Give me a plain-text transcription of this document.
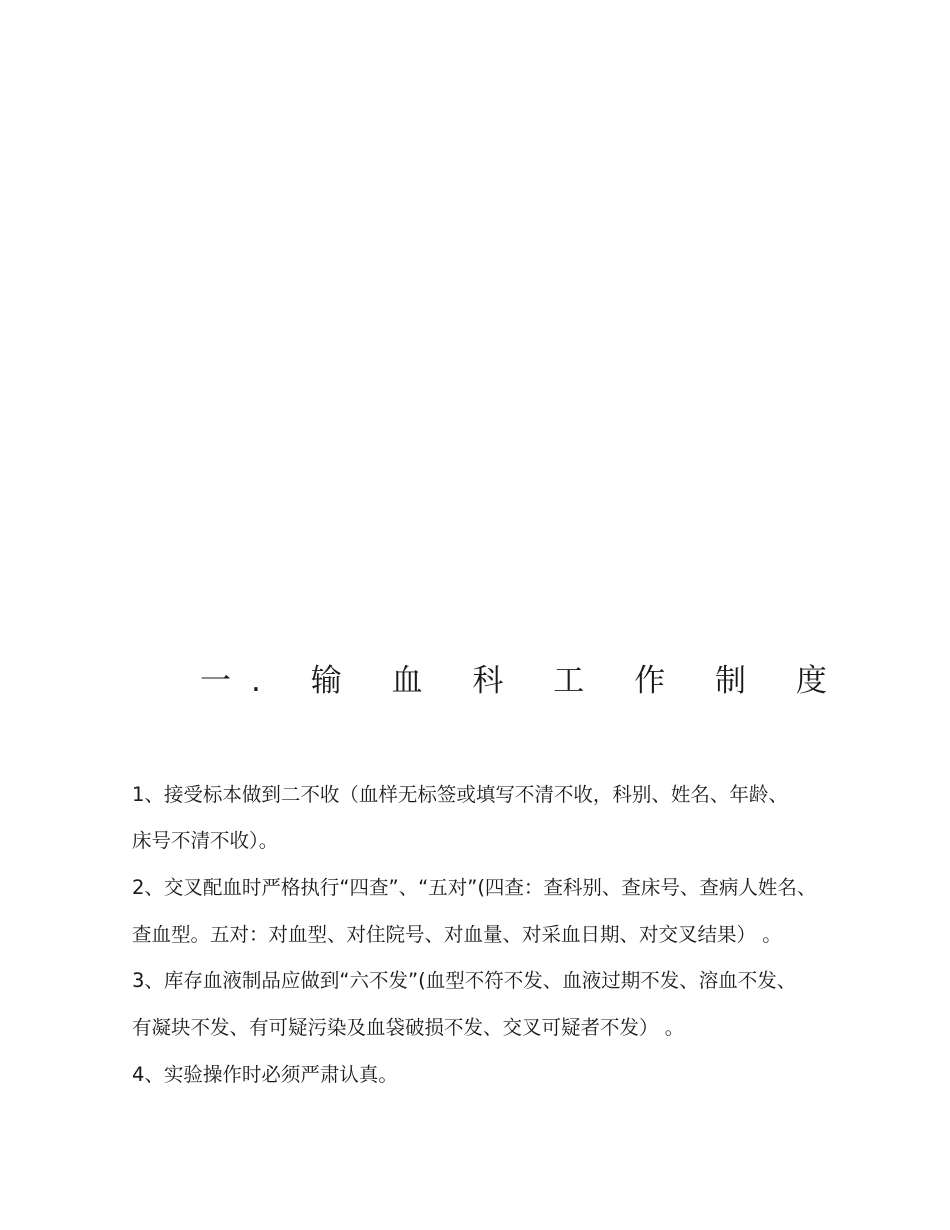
一. 输 血 科 工 作 制 度

1、接受标本做到二不收（血样无标签或填写不清不收，科别、姓名、年龄、

床号不清不收）。

2、交叉配血时严格执行“四查”、“五对”(四查：查科别、查床号、查病人姓名、

查血型。五对：对血型、对住院号、对血量、对采血日期、对交叉结果） 。

3、库存血液制品应做到“六不发”(血型不符不发、血液过期不发、溶血不发、

有凝块不发、有可疑污染及血袋破损不发、交叉可疑者不发） 。

4、实验操作时必须严肃认真。
